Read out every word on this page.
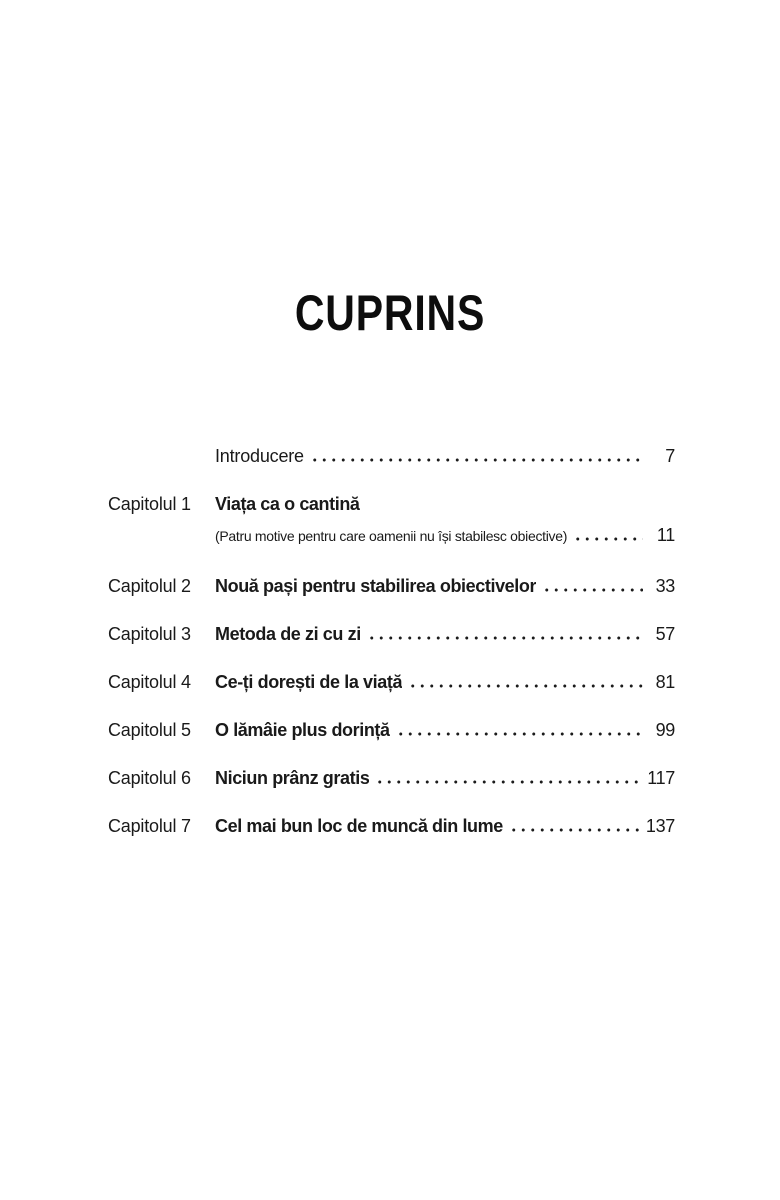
CUPRINS
Introducere	7
Capitolul 1	Viața ca o cantină
(Patru motive pentru care oamenii nu își stabilesc obiective)	11
Capitolul 2	Nouă pași pentru stabilirea obiectivelor	33
Capitolul 3	Metoda de zi cu zi	57
Capitolul 4	Ce-ți dorești de la viață	81
Capitolul 5	O lămâie plus dorință	99
Capitolul 6	Niciun prânz gratis	117
Capitolul 7	Cel mai bun loc de muncă din lume	137
